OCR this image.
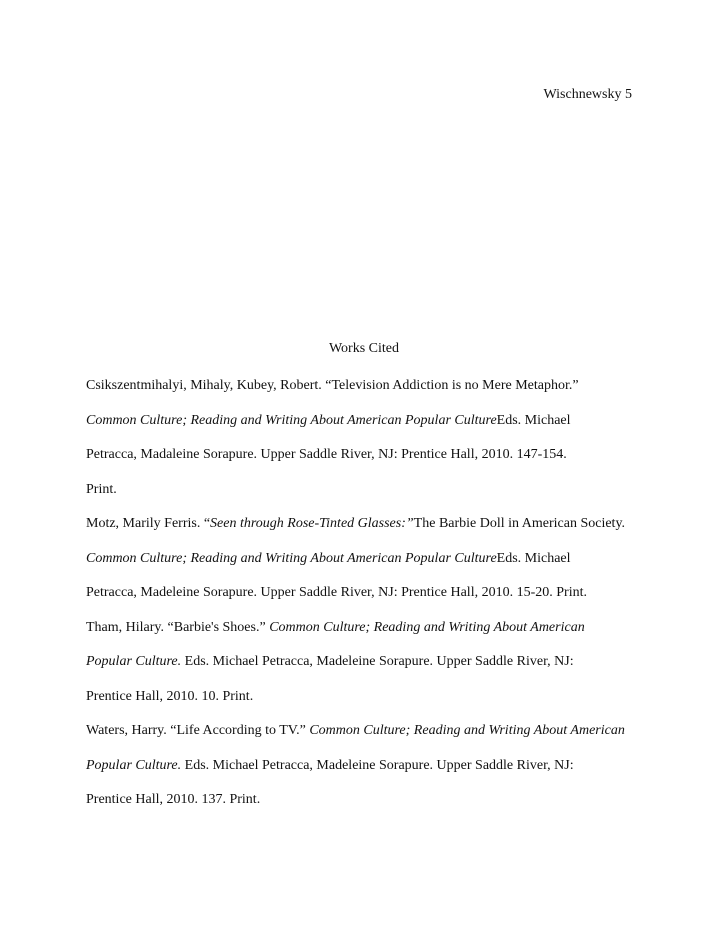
Wischnewsky 5
Works Cited
Csikszentmihalyi, Mihaly, Kubey, Robert. “Television Addiction is no Mere Metaphor.”
Common Culture; Reading and Writing About American Popular CultureEds. Michael
Petracca, Madaleine Sorapure. Upper Saddle River, NJ: Prentice Hall, 2010. 147-154.
Print.
Motz, Marily Ferris. “Seen through Rose-Tinted Glasses:”The Barbie Doll in American Society.
Common Culture; Reading and Writing About American Popular CultureEds. Michael
Petracca, Madeleine Sorapure. Upper Saddle River, NJ: Prentice Hall, 2010. 15-20. Print.
Tham, Hilary. “Barbie's Shoes.” Common Culture; Reading and Writing About American
Popular Culture. Eds. Michael Petracca, Madeleine Sorapure. Upper Saddle River, NJ:
Prentice Hall, 2010. 10. Print.
Waters, Harry. “Life According to TV.” Common Culture; Reading and Writing About American
Popular Culture. Eds. Michael Petracca, Madeleine Sorapure. Upper Saddle River, NJ:
Prentice Hall, 2010. 137. Print.
